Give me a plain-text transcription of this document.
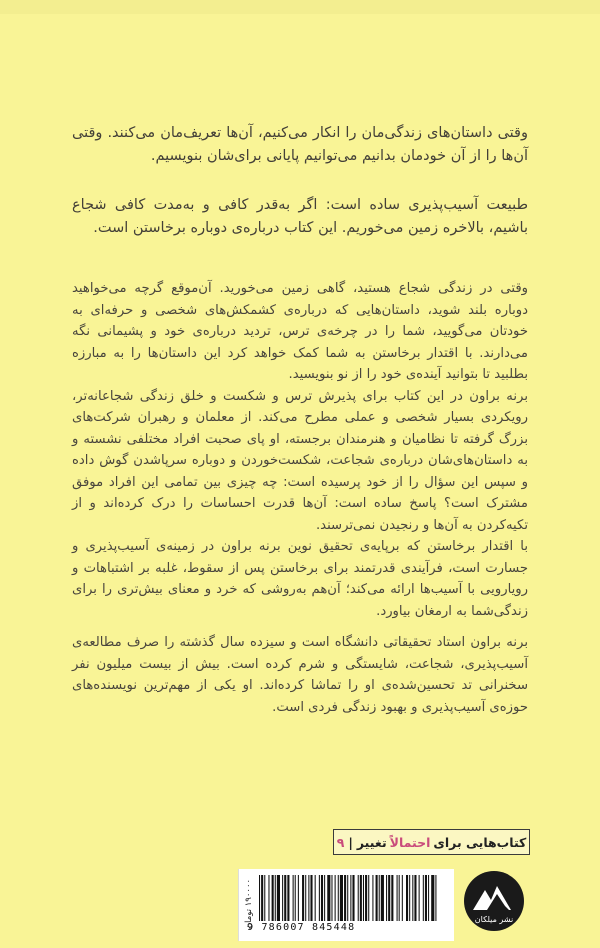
وقتی داستان‌های زندگی‌مان را انکار می‌کنیم، آن‌ها تعریف‌مان می‌کنند. وقتی آن‌ها را از آن خودمان بدانیم می‌توانیم پایانی برای‌شان بنویسیم.

طبیعت آسیب‌پذیری ساده است: اگر به‌قدر کافی و به‌مدت کافی شجاع باشیم، بالاخره زمین می‌خوریم. این کتاب درباره‌ی دوباره برخاستن است.

وقتی در زندگی شجاع هستید، گاهی زمین می‌خورید. آن‌موقع گرچه می‌خواهید دوباره بلند شوید، داستان‌هایی که درباره‌ی کشمکش‌های شخصی و حرفه‌ای به خودتان می‌گویید، شما را در چرخه‌ی ترس، تردید درباره‌ی خود و پشیمانی نگه می‌دارند. با اقتدار برخاستن به شما کمک خواهد کرد این داستان‌ها را به مبارزه بطلبید تا بتوانید آینده‌ی خود را از نو بنویسید.

برنه براون در این کتاب برای پذیرش ترس و شکست و خلق زندگی شجاعانه‌تر، رویکردی بسیار شخصی و عملی مطرح می‌کند. از معلمان و رهبران شرکت‌های بزرگ گرفته تا نظامیان و هنرمندان برجسته، او پای صحبت افراد مختلفی نشسته و به داستان‌های‌شان درباره‌ی شجاعت، شکست‌خوردن و دوباره سرپاشدن گوش داده و سپس این سؤال را از خود پرسیده است: چه چیزی بین تمامی این افراد موفق مشترک است؟ پاسخ ساده است: آن‌ها قدرت احساسات را درک کرده‌اند و از تکیه‌کردن به آن‌ها و رنجیدن نمی‌ترسند.

با اقتدار برخاستن که برپایه‌ی تحقیق نوین برنه براون در زمینه‌ی آسیب‌پذیری و جسارت است، فرآیندی قدرتمند برای برخاستن پس از سقوط، غلبه بر اشتباهات و رویارویی با آسیب‌ها ارائه می‌کند؛ آن‌هم به‌روشی که خرد و معنای بیش‌تری را برای زندگی‌شما به ارمغان بیاورد.

برنه براون استاد تحقیقاتی دانشگاه است و سیزده سال گذشته را صرف مطالعه‌ی آسیب‌پذیری، شجاعت، شایستگی و شرم کرده است. بیش از بیست میلیون نفر سخنرانی تد تحسین‌شده‌ی او را تماشا کرده‌اند. او یکی از مهم‌ترین نویسنده‌های حوزه‌ی آسیب‌پذیری و بهبود زندگی فردی است.

کتاب‌هایی برای
احتمالاً
تغییر
|
۹
۱۹۰۰۰۰ تومان
9 786007 845448
نشر میلکان
